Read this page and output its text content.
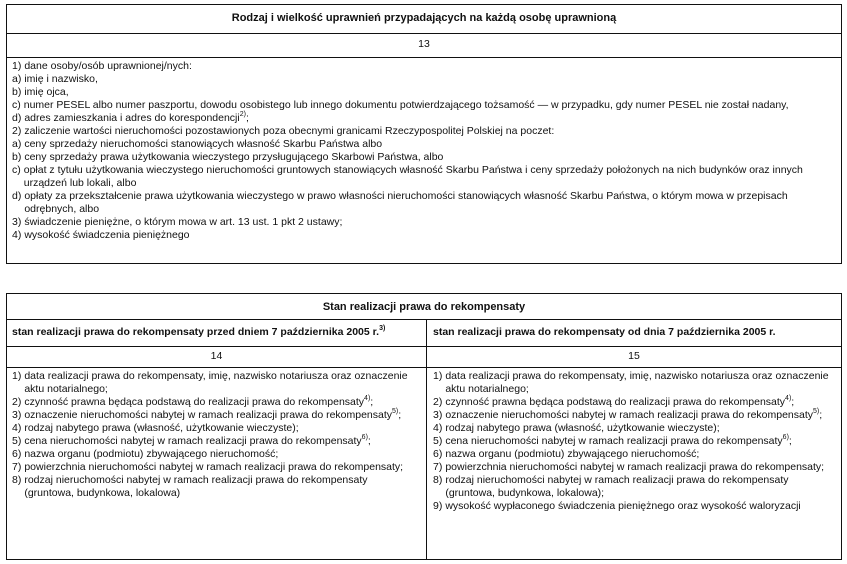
Rodzaj i wielkość uprawnień przypadających na każdą osobę uprawnioną
13
1) dane osoby/osób uprawnionej/nych:
a) imię i nazwisko,
b) imię ojca,
c) numer PESEL albo numer paszportu, dowodu osobistego lub innego dokumentu potwierdzającego tożsamość — w przypadku, gdy numer PESEL nie został nadany,
d) adres zamieszkania i adres do korespondencji$^{2)}$;
2) zaliczenie wartości nieruchomości pozostawionych poza obecnymi granicami Rzeczypospolitej Polskiej na poczet:
a) ceny sprzedaży nieruchomości stanowiących własność Skarbu Państwa albo
b) ceny sprzedaży prawa użytkowania wieczystego przysługującego Skarbowi Państwa, albo
c) opłat z tytułu użytkowania wieczystego nieruchomości gruntowych stanowiących własność Skarbu Państwa i ceny sprzedaży położonych na nich budynków oraz innych urządzeń lub lokali, albo
d) opłaty za przekształcenie prawa użytkowania wieczystego w prawo własności nieruchomości stanowiących własność Skarbu Państwa, o którym mowa w przepisach odrębnych, albo
3) świadczenie pieniężne, o którym mowa w art. 13 ust. 1 pkt 2 ustawy;
4) wysokość świadczenia pieniężnego
Stan realizacji prawa do rekompensaty
stan realizacji prawa do rekompensaty przed dniem 7 października 2005 r.$^{3)}$	stan realizacji prawa do rekompensaty od dnia 7 października 2005 r.
14	15
1) data realizacji prawa do rekompensaty, imię, nazwisko notariusza oraz oznaczenie aktu notarialnego;
2) czynność prawna będąca podstawą do realizacji prawa do rekompensaty$^{4)}$;
3) oznaczenie nieruchomości nabytej w ramach realizacji prawa do rekompensaty$^{5)}$;
4) rodzaj nabytego prawa (własność, użytkowanie wieczyste);
5) cena nieruchomości nabytej w ramach realizacji prawa do rekompensaty$^{6)}$;
6) nazwa organu (podmiotu) zbywającego nieruchomość;
7) powierzchnia nieruchomości nabytej w ramach realizacji prawa do rekompensaty;
8) rodzaj nieruchomości nabytej w ramach realizacji prawa do rekompensaty (gruntowa, budynkowa, lokalowa)
1) data realizacji prawa do rekompensaty, imię, nazwisko notariusza oraz oznaczenie aktu notarialnego;
2) czynność prawna będąca podstawą do realizacji prawa do rekompensaty$^{4)}$;
3) oznaczenie nieruchomości nabytej w ramach realizacji prawa do rekompensaty$^{5)}$;
4) rodzaj nabytego prawa (własność, użytkowanie wieczyste);
5) cena nieruchomości nabytej w ramach realizacji prawa do rekompensaty$^{6)}$;
6) nazwa organu (podmiotu) zbywającego nieruchomość;
7) powierzchnia nieruchomości nabytej w ramach realizacji prawa do rekompensaty;
8) rodzaj nieruchomości nabytej w ramach realizacji prawa do rekompensaty (gruntowa, budynkowa, lokalowa);
9) wysokość wypłaconego świadczenia pieniężnego oraz wysokość waloryzacji
